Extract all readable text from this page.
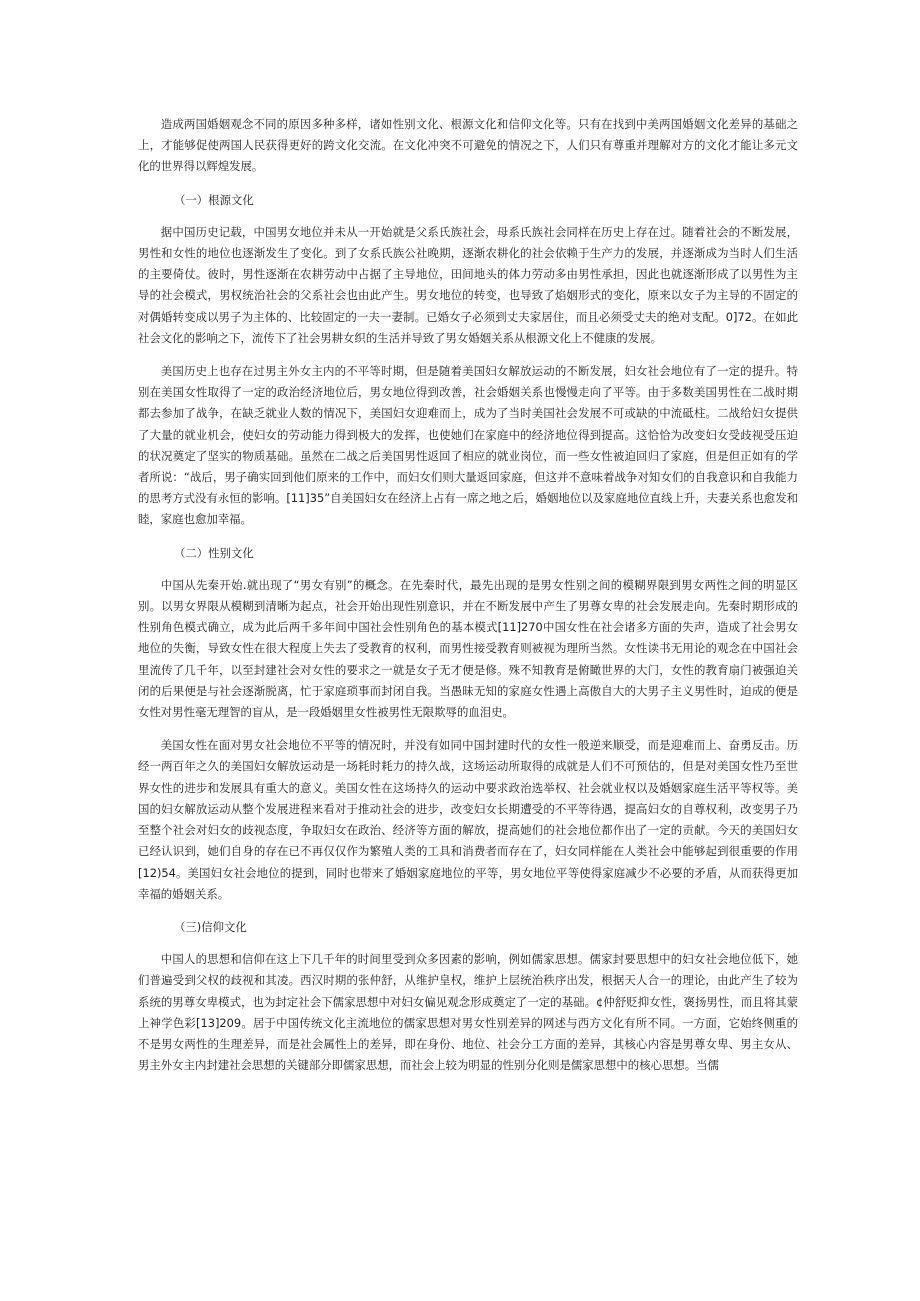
造成两国婚姻观念不同的原因多种多样，诸如性别文化、根源文化和信仰文化等。只有在找到中美两国婚姻文化差异的基础之上，才能够促使两国人民获得更好的跨文化交流。在文化冲突不可避免的情况之下，人们只有尊重并理解对方的文化才能让多元文化的世界得以辉煌发展。

（一）根源文化

据中国历史记载，中国男女地位并未从一开始就是父系氏族社会，母系氏族社会同样在历史上存在过。随着社会的不断发展，男性和女性的地位也逐渐发生了变化。到了女系氏族公社晚期，逐渐农耕化的社会依赖于生产力的发展，并逐渐成为当时人们生活的主要倚仗。彼时，男性逐渐在农耕劳动中占据了主导地位，田间地头的体力劳动多由男性承担，因此也就逐渐形成了以男性为主导的社会模式，男权统治社会的父系社会也由此产生。男女地位的转变，也导致了焰姻形式的变化，原来以女子为主导的不固定的对偶婚转变成以男子为主体的、比较固定的一夫一妻制。已婚女子必须到丈夫家居住，而且必须受丈夫的绝对支配。0]72。在如此社会文化的影响之下，流传下了社会男耕女织的生活并导致了男女婚姻关系从根源文化上不健康的发展。

美国历史上也存在过男主外女主内的不平等时期，但是随着美国妇女解放运动的不断发展，妇女社会地位有了一定的提升。特别在美国女性取得了一定的政治经济地位后，男女地位得到改善，社会婚姻关系也慢慢走向了平等。由于多数美国男性在二战时期都去参加了战争，在缺乏就业人数的情况下，美国妇女迎难而上，成为了当时美国社会发展不可或缺的中流砥柱。二战给妇女提供了大量的就业机会，使妇女的劳动能力得到极大的发挥，也使她们在家庭中的经济地位得到提高。这恰恰为改变妇女受歧视受压迫的状况奠定了坚实的物质基础。虽然在二战之后美国男性返回了相应的就业岗位，而一些女性被迫回归了家庭，但是但正如有的学者所说：“战后，男子确实回到他们原来的工作中，而妇女们则大量返回家庭，但这并不意味着战争对知女们的自我意识和自我能力的思考方式没有永恒的影响。[11]35”自美国妇女在经济上占有一席之地之后，婚姻地位以及家庭地位直线上升，夫妻关系也愈发和睦，家庭也愈加幸福。

（二）性别文化

中国从先秦开始.就出现了“男女有别”的概念。在先秦时代，最先出现的是男女性别之间的模糊界限到男女两性之间的明显区别。以男女界限从模糊到清晰为起点，社会开始出现性别意识，并在不断发展中产生了男尊女卑的社会发展走向。先秦时期形成的性别角色模式确立，成为此后两千多年间中国社会性别角色的基本模式[11]270中国女性在社会诸多方面的失声，造成了社会男女地位的失衡，导致女性在很大程度上失去了受教育的权利，而男性接受教育则被视为理所当然。女性读书无用论的观念在中国社会里流传了几千年，以至封建社会对女性的要求之一就是女子无才便是修。殊不知教育是俯瞰世界的大门，女性的教育扇门被强迫关闭的后果便是与社会逐渐脱离，忙于家庭琐事而封闭自我。当愚昧无知的家庭女性遇上高傲自大的大男子主义男性时，迫成的便是女性对男性毫无理智的盲从，是一段婚姻里女性被男性无限欺辱的血泪史。

美国女性在面对男女社会地位不平等的情况时，并没有如同中国封建时代的女性一般逆来顺受，而是迎难而上、奋勇反击。历经一两百年之久的美国妇女解放运动是一场耗时耗力的持久战，这场运动所取得的成就是人们不可预估的，但是对美国女性乃至世界女性的进步和发展具有重大的意义。美国女性在这场持久的运动中要求政治选举权、社会就业权以及婚姻家庭生活平等权等。美国的妇女解放运动从整个发展进程来看对于推动社会的进步，改变妇女长期遭受的不平等待遇，提高妇女的自尊权利，改变男子乃至整个社会对妇女的歧视态度，争取妇女在政治、经济等方面的解放，提高她们的社会地位都作出了一定的贡献。今天的美国妇女已经认识到，她们自身的存在已不再仅仅作为繁殖人类的工具和消费者而存在了，妇女同样能在人类社会中能够起到很重要的作用[12)54。美国妇女社会地位的提到，同时也带来了婚姻家庭地位的平等，男女地位平等使得家庭减少不必要的矛盾，从而获得更加幸福的婚姻关系。

（三)信仰文化

中国人的思想和信仰在这上下几千年的时间里受到众多因素的影响，例如儒家思想。儒家封要思想中的妇女社会地位低下，她们普遍受到父权的歧视和其凌。西汉时期的张仲舒，从维护皇权，维护上层统治秩序出发，根据天人合一的理论，由此产生了较为系统的男尊女卑模式，也为封定社会下儒家思想中对妇女偏见观念形成奠定了一定的基础。¢仲舒贬抑女性，褒扬男性，而且将其蒙上神学色彩[13]209。居于中国传统文化主流地位的儒家思想对男女性别差异的网述与西方文化有所不同。一方面，它始终侧重的不是男女两性的生理差异，而是社会属性上的差异，即在身份、地位、社会分工方面的差异，其核心内容是男尊女卑、男主女从、男主外女主内封建社会思想的关键部分即儒家思想，而社会上较为明显的性别分化则是儒家思想中的核心思想。当儒
